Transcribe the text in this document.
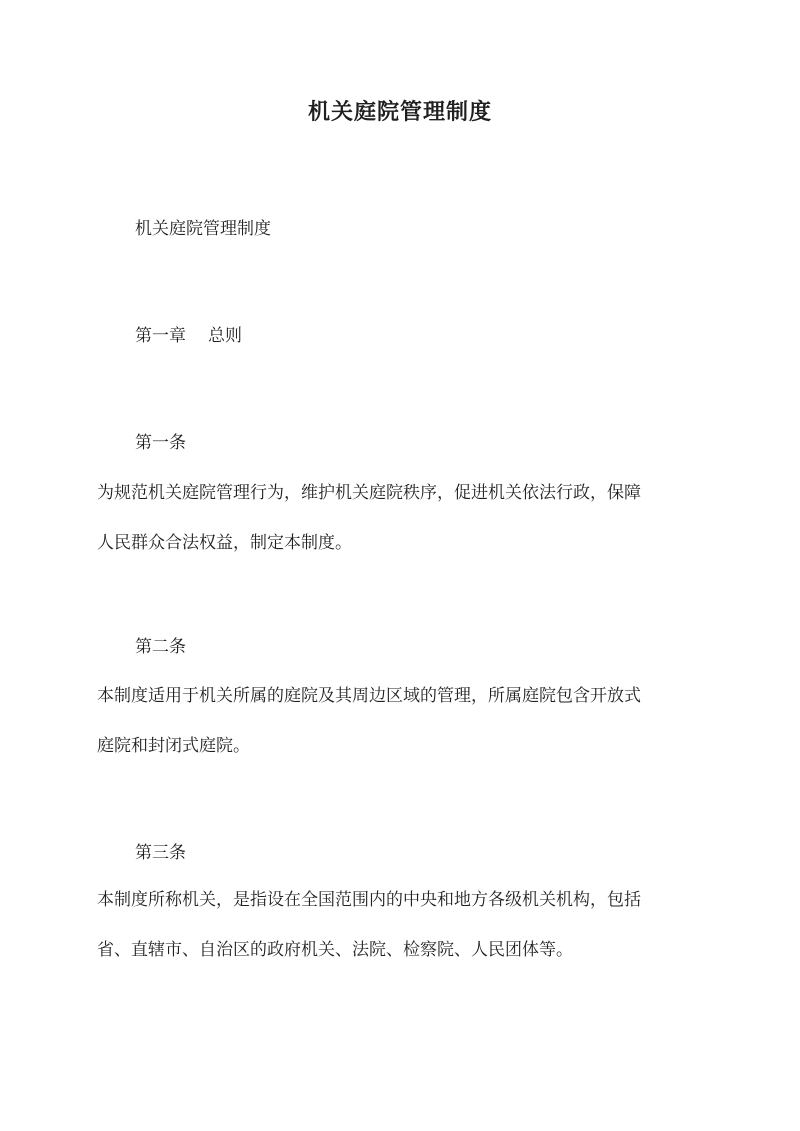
机关庭院管理制度

机关庭院管理制度

第一章 总则

第一条

为规范机关庭院管理行为，维护机关庭院秩序，促进机关依法行政，保障

人民群众合法权益，制定本制度。

第二条

本制度适用于机关所属的庭院及其周边区域的管理，所属庭院包含开放式

庭院和封闭式庭院。

第三条

本制度所称机关，是指设在全国范围内的中央和地方各级机关机构，包括

省、直辖市、自治区的政府机关、法院、检察院、人民团体等。
